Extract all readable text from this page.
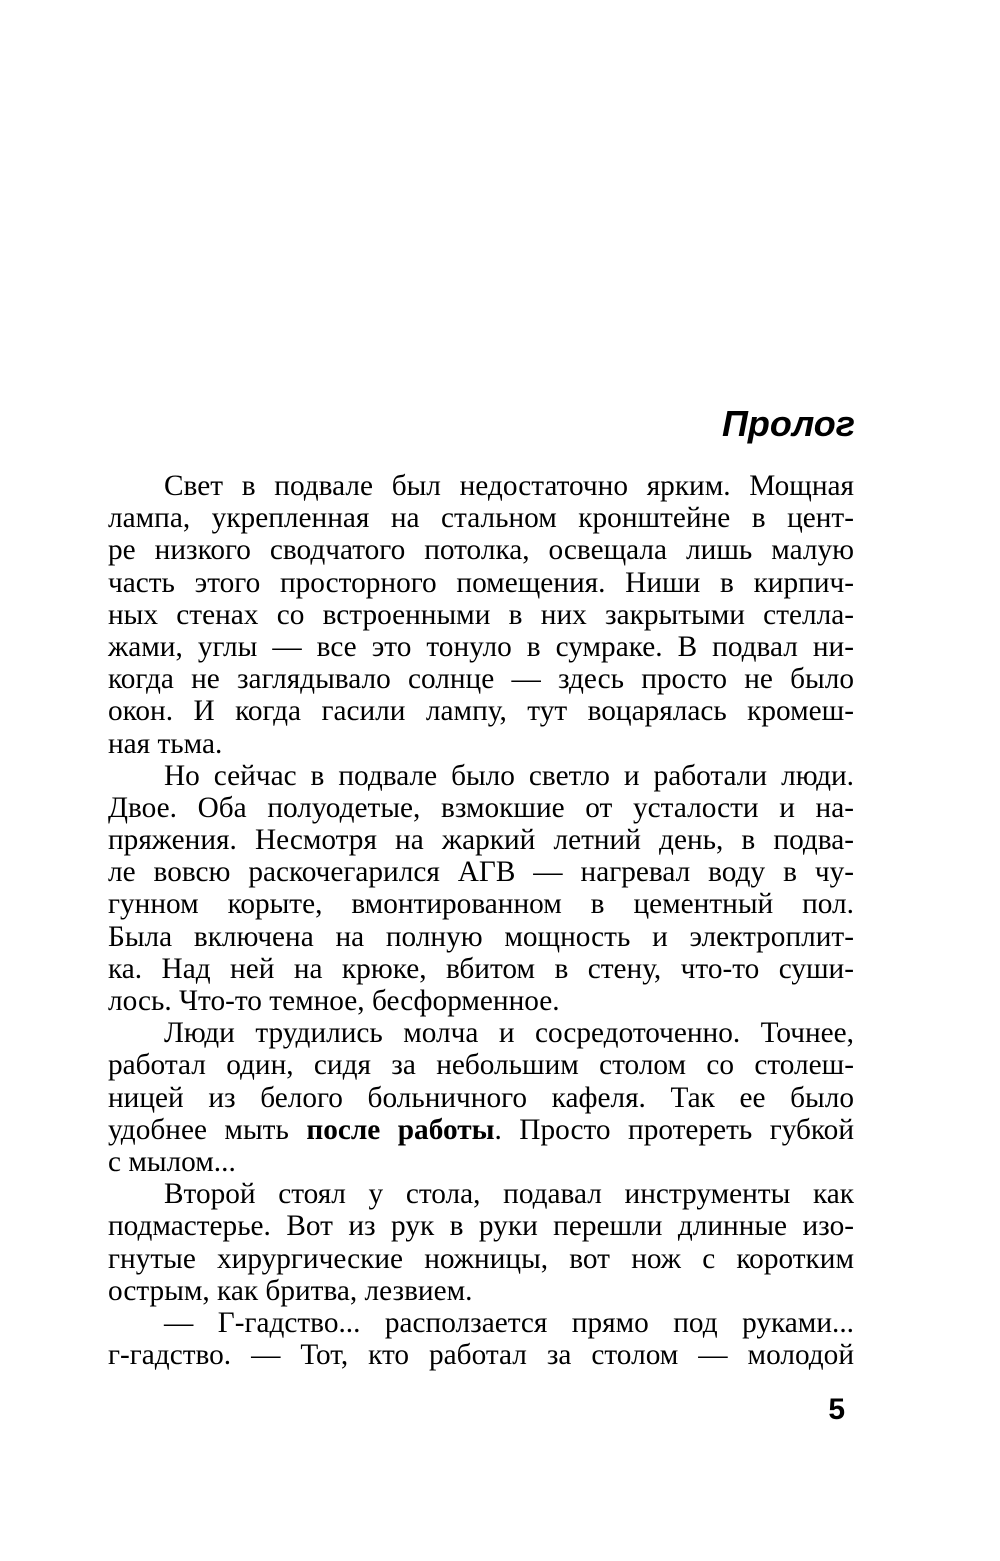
Пролог
Свет в подвале был недостаточно ярким. Мощная
лампа, укрепленная на стальном кронштейне в цент-
ре низкого сводчатого потолка, освещала лишь малую
часть этого просторного помещения. Ниши в кирпич-
ных стенах со встроенными в них закрытыми стелла-
жами, углы — все это тонуло в сумраке. В подвал ни-
когда не заглядывало солнце — здесь просто не было
окон. И когда гасили лампу, тут воцарялась кромеш-
ная тьма.
Но сейчас в подвале было светло и работали люди.
Двое. Оба полуодетые, взмокшие от усталости и на-
пряжения. Несмотря на жаркий летний день, в подва-
ле вовсю раскочегарился АГВ — нагревал воду в чу-
гунном корыте, вмонтированном в цементный пол.
Была включена на полную мощность и электроплит-
ка. Над ней на крюке, вбитом в стену, что-то суши-
лось. Что-то темное, бесформенное.
Люди трудились молча и сосредоточенно. Точнее,
работал один, сидя за небольшим столом со столеш-
ницей из белого больничного кафеля. Так ее было
удобнее мыть после работы. Просто протереть губкой
с мылом...
Второй стоял у стола, подавал инструменты как
подмастерье. Вот из рук в руки перешли длинные изо-
гнутые хирургические ножницы, вот нож с коротким
острым, как бритва, лезвием.
— Г-гадство... расползается прямо под руками...
г-гадство. — Тот, кто работал за столом — молодой
5
